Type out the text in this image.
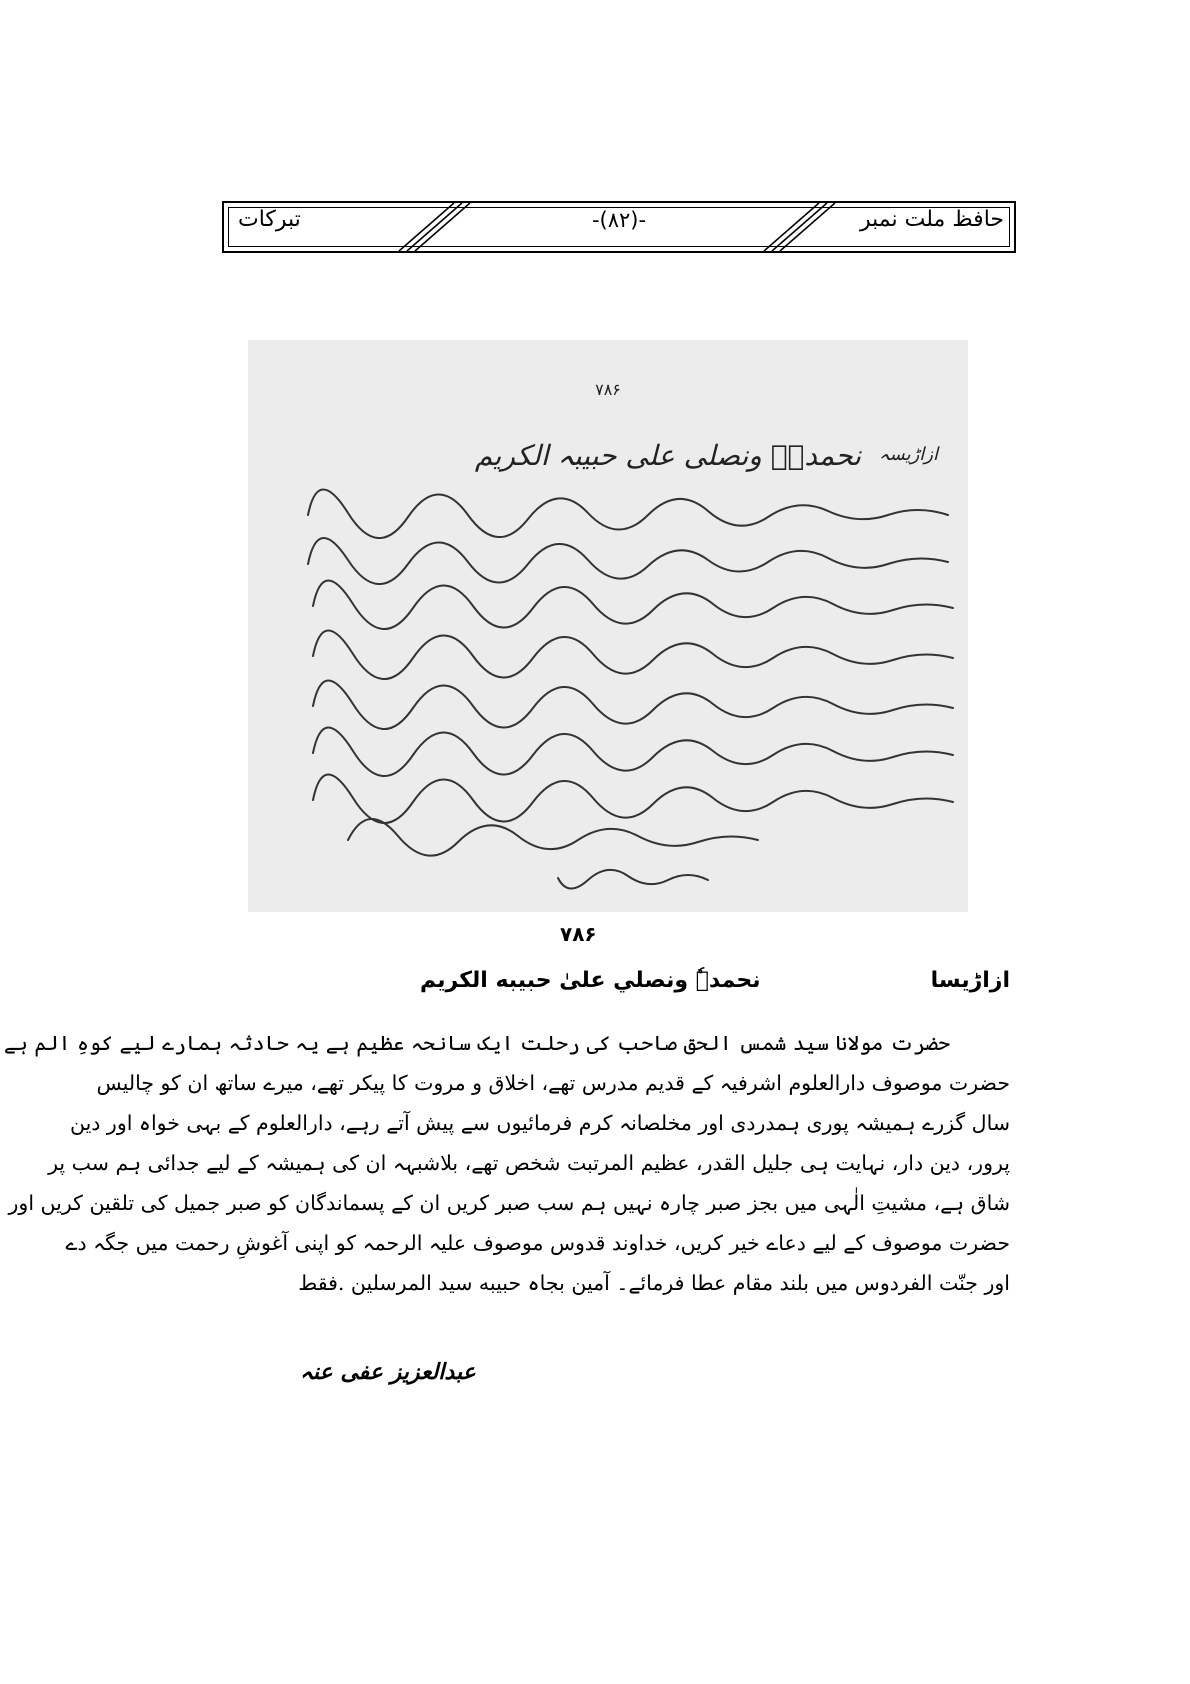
حافظ ملت نمبر
-(۸۲)-
تبرکات
۷۸۶
ازاڑیسہ
نحمدہٗ ونصلی علی حبیبہ الکریم
۷۸۶
ازاڑیسا
نحمدہٗ ونصلي علیٰ حبیبه الکریم
حضرت مولانا سید شمس الحق صاحب کی رحلت ایک سانحہ عظیم ہے یہ حادثہ ہمارے لیے کوہِ الم ہے
حضرت موصوف دارالعلوم اشرفیہ کے قدیم مدرس تھے، اخلاق و مروت کا پیکر تھے، میرے ساتھ ان کو چالیس
سال گزرے ہمیشہ پوری ہمدردی اور مخلصانہ کرم فرمائیوں سے پیش آتے رہے، دارالعلوم کے بہی خواہ اور دین
پرور، دین دار، نہایت ہی جلیل القدر، عظیم المرتبت شخص تھے، بلاشبہہ ان کی ہمیشہ کے لیے جدائی ہم سب پر
شاق ہے، مشیتِ الٰہی میں بجز صبر چارہ نہیں ہم سب صبر کریں ان کے پسماندگان کو صبر جمیل کی تلقین کریں اور
حضرت موصوف کے لیے دعاے خیر کریں، خداوند قدوس موصوف علیہ الرحمہ کو اپنی آغوشِ رحمت میں جگہ دے
اور جنّت الفردوس میں بلند مقام عطا فرمائے۔ آمین بجاہ حبیبه سید المرسلین .فقط
عبدالعزیز عفی عنہ
